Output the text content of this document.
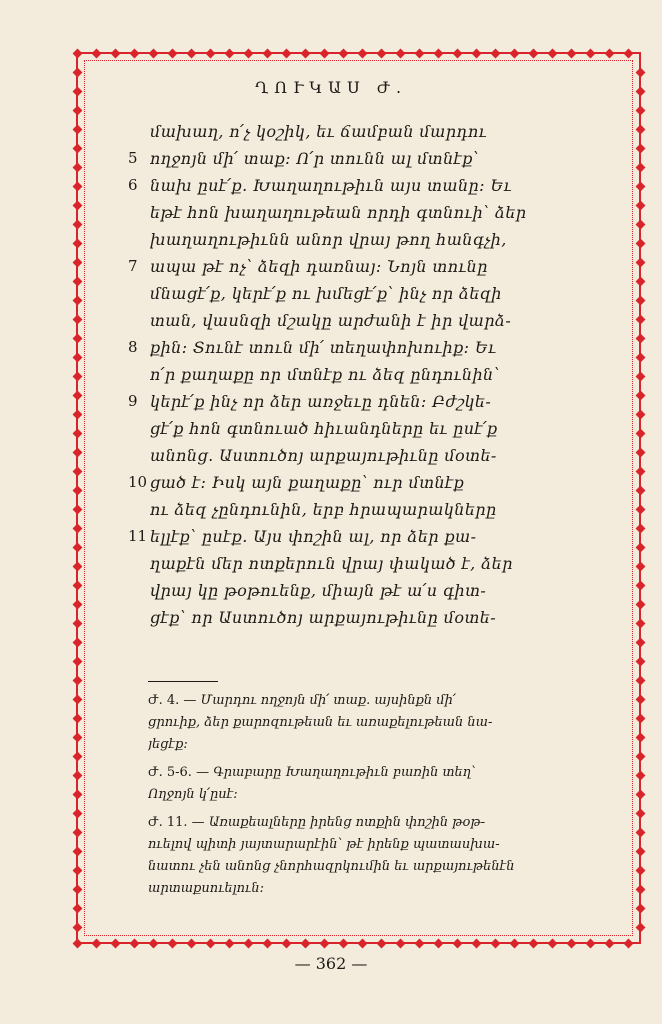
ՂՈՒԿԱՍ Ժ.
5
6
7
8
9
10
11
մախաղ, ո՛չ կօշիկ, եւ ճամբան մարդու
ողջոյն մի՛ տաք։ Ո՛ր տունն ալ մտնէք՝
նախ ըսէ՛ք. Խաղաղութիւն այս տանը։ Եւ
եթէ հոն խաղաղութեան որդի գտնուի՝ ձեր
խաղաղութիւնն անոր վրայ թող հանգչի,
ապա թէ ոչ՝ ձեզի դառնայ։ Նոյն տունը
մնացէ՛ք, կերէ՛ք ու խմեցէ՛ք՝ ինչ որ ձեզի
տան, վասնզի մշակը արժանի է իր վարձ-
քին։ Տունէ տուն մի՛ տեղափոխուիք։ Եւ
ո՛ր քաղաքը որ մտնէք ու ձեզ ընդունին՝
կերէ՛ք ինչ որ ձեր առջեւը դնեն։ Բժշկե-
ցէ՛ք հոն գտնուած հիւանդները եւ ըսէ՛ք
անոնց. Աստուծոյ արքայութիւնը մօտե-
ցած է։ Իսկ այն քաղաքը՝ ուր մտնէք
ու ձեզ չընդունին, երբ հրապարակները
ելլէք՝ ըսէք. Այս փոշին ալ, որ ձեր քա-
ղաքէն մեր ոտքերուն վրայ փակած է, ձեր
վրայ կը թօթուենք, միայն թէ ա՛ս գիտ-
ցէք՝ որ Աստուծոյ արքայութիւնը մօտե-
Ժ. 4. — Մարդու ողջոյն մի՛ տաք. այսինքն մի՛
ցրուիք, ձեր քարոզութեան եւ առաքելութեան նա-
յեցէք։
Ժ. 5-6. — Գրաբարը Խաղաղութիւն բառին տեղ՝
Ողջոյն կ՛ըսէ։
Ժ. 11. — Առաքեալները իրենց ոտքին փոշին թօթ-
ուելով պիտի յայտարարէին՝ թէ իրենք պատասխա-
նատու չեն անոնց չնորհազրկումին եւ արքայութենէն
արտաքսուելուն։
— 362 —
